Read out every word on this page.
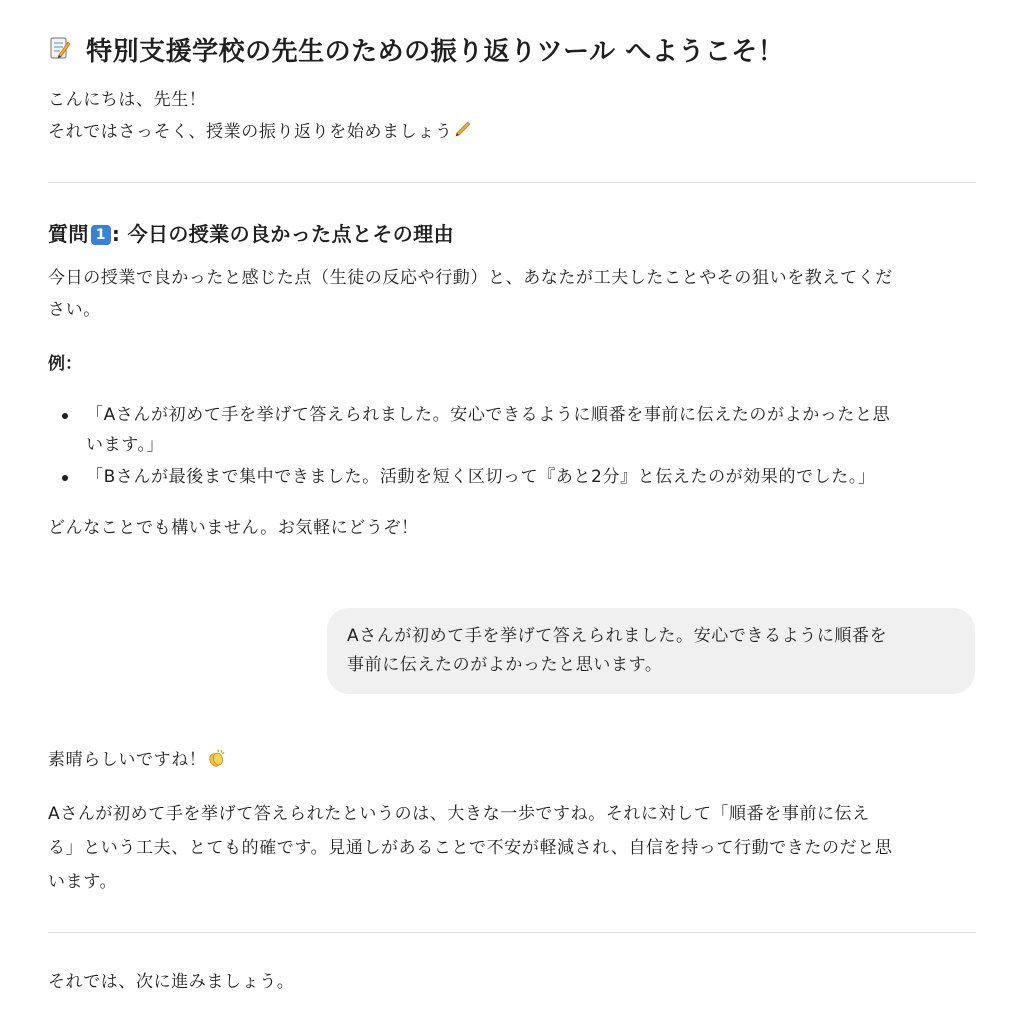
特別支援学校の先生のための振り返りツール へようこそ！

こんにちは、先生！

それではさっそく、授業の振り返りを始めましょう

質問 1 : 今日の授業の良かった点とその理由

今日の授業で良かったと感じた点（生徒の反応や行動）と、あなたが工夫したことやその狙いを教えてくだ

さい。

例：

「Aさんが初めて手を挙げて答えられました。安心できるように順番を事前に伝えたのがよかったと思
います。」
「Bさんが最後まで集中できました。活動を短く区切って『あと2分』と伝えたのが効果的でした。」

どんなことでも構いません。お気軽にどうぞ！

Aさんが初めて手を挙げて答えられました。安心できるように順番を
事前に伝えたのがよかったと思います。

素晴らしいですね！

Aさんが初めて手を挙げて答えられたというのは、大きな一歩ですね。それに対して「順番を事前に伝え

る」という工夫、とても的確です。見通しがあることで不安が軽減され、自信を持って行動できたのだと思

います。

それでは、次に進みましょう。
